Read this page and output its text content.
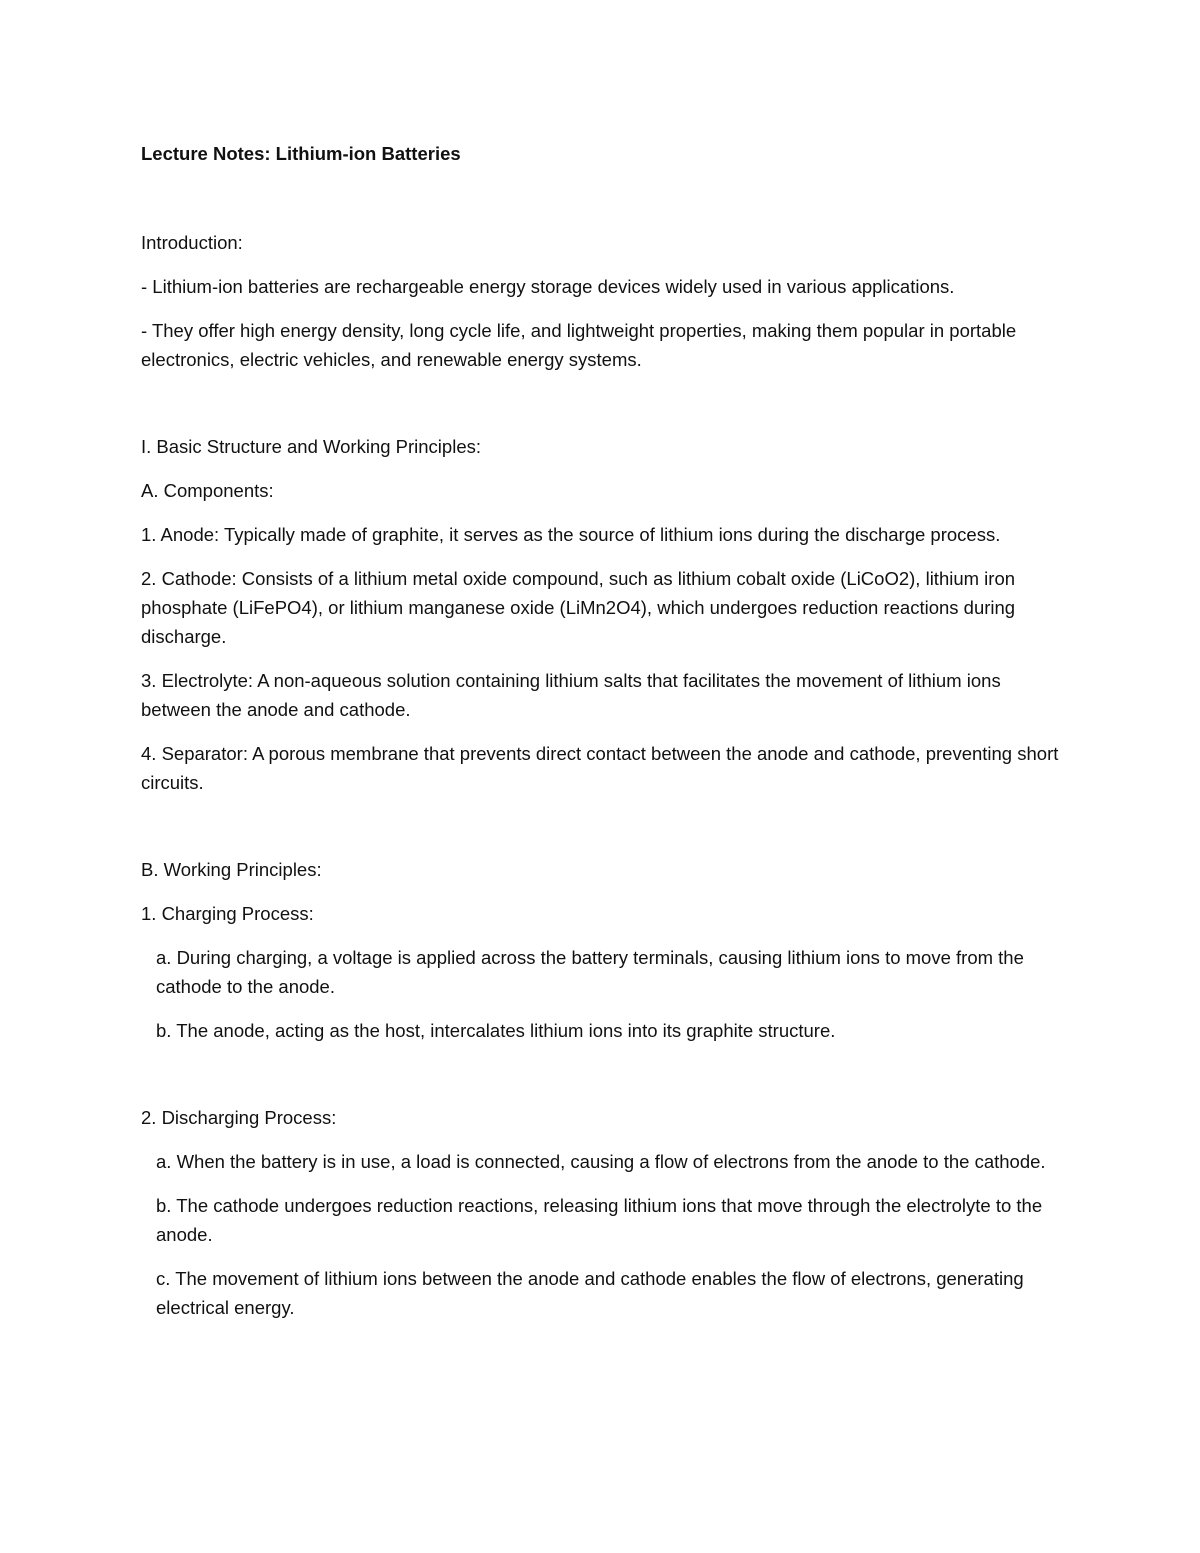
Lecture Notes: Lithium-ion Batteries

Introduction:

- Lithium-ion batteries are rechargeable energy storage devices widely used in various applications.

- They offer high energy density, long cycle life, and lightweight properties, making them popular in portable electronics, electric vehicles, and renewable energy systems.

I. Basic Structure and Working Principles:

A. Components:

1. Anode: Typically made of graphite, it serves as the source of lithium ions during the discharge process.

2. Cathode: Consists of a lithium metal oxide compound, such as lithium cobalt oxide (LiCoO2), lithium iron phosphate (LiFePO4), or lithium manganese oxide (LiMn2O4), which undergoes reduction reactions during discharge.

3. Electrolyte: A non-aqueous solution containing lithium salts that facilitates the movement of lithium ions between the anode and cathode.

4. Separator: A porous membrane that prevents direct contact between the anode and cathode, preventing short circuits.

B. Working Principles:

1. Charging Process:

a. During charging, a voltage is applied across the battery terminals, causing lithium ions to move from the cathode to the anode.

b. The anode, acting as the host, intercalates lithium ions into its graphite structure.

2. Discharging Process:

a. When the battery is in use, a load is connected, causing a flow of electrons from the anode to the cathode.

b. The cathode undergoes reduction reactions, releasing lithium ions that move through the electrolyte to the anode.

c. The movement of lithium ions between the anode and cathode enables the flow of electrons, generating electrical energy.
